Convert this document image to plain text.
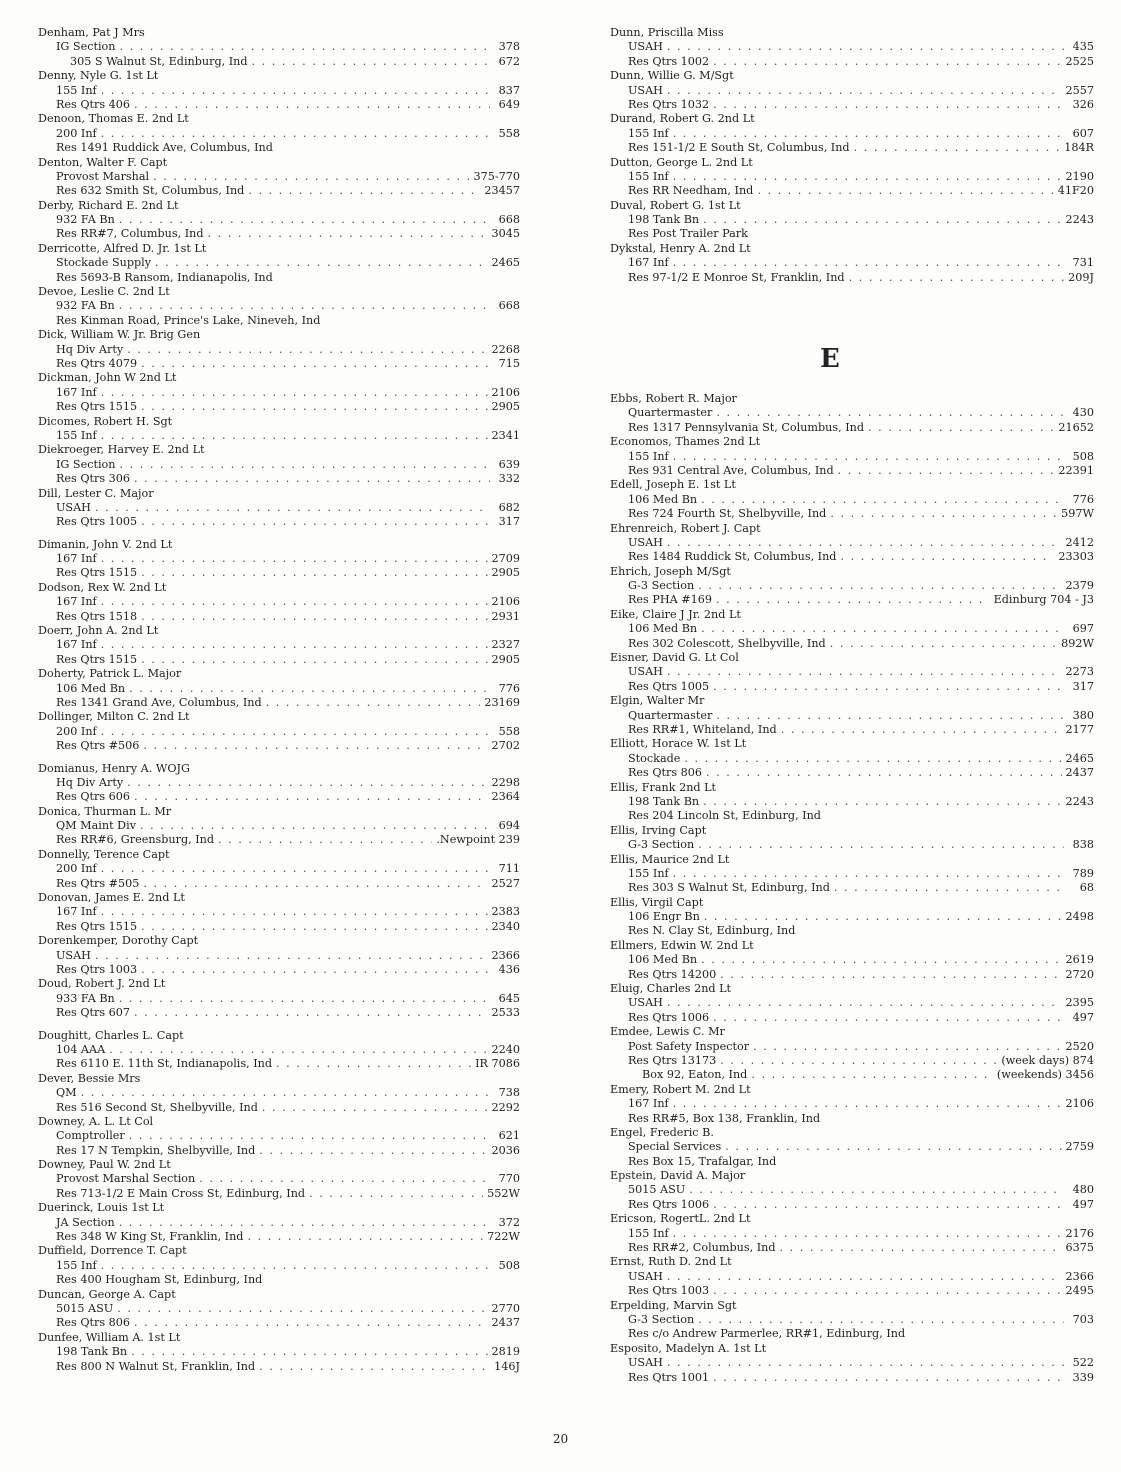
Denham, Pat J Mrs
IG Section . . .	378
305 S Walnut St, Edinburg, Ind . . .	672
Denny, Nyle G. 1st Lt
155 Inf . . .	837
Res Qtrs 406 . . .	649
Denoon, Thomas E. 2nd Lt
200 Inf . . .	558
Res 1491 Ruddick Ave, Columbus, Ind
Denton, Walter F. Capt
Provost Marshal . . .	375-770
Res 632 Smith St, Columbus, Ind . . .	23457
Derby, Richard E. 2nd Lt
932 FA Bn . . .	668
Res RR#7, Columbus, Ind . . .	3045
Derricotte, Alfred D. Jr. 1st Lt
Stockade Supply . . .	2465
Res 5693-B Ransom, Indianapolis, Ind
Devoe, Leslie C. 2nd Lt
932 FA Bn . . .	668
Res Kinman Road, Prince's Lake, Nineveh, Ind
Dick, William W. Jr. Brig Gen
Hq Div Arty . . .	2268
Res Qtrs 4079 . . .	715
Dickman, John W 2nd Lt
167 Inf . . .	2106
Res Qtrs 1515 . . .	2905
Dicomes, Robert H. Sgt
155 Inf . . .	2341
Diekroeger, Harvey E. 2nd Lt
IG Section . . .	639
Res Qtrs 306 . . .	332
Dill, Lester C. Major
USAH . . .	682
Res Qtrs 1005 . . .	317
Dimanin, John V. 2nd Lt
167 Inf . . .	2709
Res Qtrs 1515 . . .	2905
Dodson, Rex W. 2nd Lt
167 Inf . . .	2106
Res Qtrs 1518 . . .	2931
Doerr, John A. 2nd Lt
167 Inf . . .	2327
Res Qtrs 1515 . . .	2905
Doherty, Patrick L. Major
106 Med Bn . . .	776
Res 1341 Grand Ave, Columbus, Ind . . .	23169
Dollinger, Milton C. 2nd Lt
200 Inf . . .	558
Res Qtrs #506 . . .	2702
Domianus, Henry A. WOJG
Hq Div Arty . . .	2298
Res Qtrs 606 . . .	2364
Donica, Thurman L. Mr
QM Maint Div . . .	694
Res RR#6, Greensburg, Ind . . .	.Newpoint 239
Donnelly, Terence Capt
200 Inf . . .	711
Res Qtrs #505 . . .	2527
Donovan, James E. 2nd Lt
167 Inf . . .	2383
Res Qtrs 1515 . . .	2340
Dorenkemper, Dorothy Capt
USAH . . .	2366
Res Qtrs 1003 . . .	436
Doud, Robert J. 2nd Lt
933 FA Bn . . .	645
Res Qtrs 607 . . .	2533
Doughitt, Charles L. Capt
104 AAA . . .	2240
Res 6110 E. 11th St, Indianapolis, Ind . . .	IR 7086
Dever, Bessie Mrs
QM . . .	738
Res 516 Second St, Shelbyville, Ind . . .	2292
Downey, A. L. Lt Col
Comptroller . . .	621
Res 17 N Tempkin, Shelbyville, Ind . . .	2036
Downey, Paul W. 2nd Lt
Provost Marshal Section . . .	770
Res 713-1/2 E Main Cross St, Edinburg, Ind . . .	552W
Duerinck, Louis 1st Lt
JA Section . . .	372
Res 348 W King St, Franklin, Ind . . .	722W
Duffield, Dorrence T. Capt
155 Inf . . .	508
Res 400 Hougham St, Edinburg, Ind
Duncan, George A. Capt
5015 ASU . . .	2770
Res Qtrs 806 . . .	2437
Dunfee, William A. 1st Lt
198 Tank Bn . . .	2819
Res 800 N Walnut St, Franklin, Ind . . .	146J
Dunn, Priscilla Miss
USAH . . .	435
Res Qtrs 1002 . . .	2525
Dunn, Willie G. M/Sgt
USAH . . .	2557
Res Qtrs 1032 . . .	326
Durand, Robert G. 2nd Lt
155 Inf . . .	607
Res 151-1/2 E South St, Columbus, Ind . . .	184R
Dutton, George L. 2nd Lt
155 Inf . . .	2190
Res RR Needham, Ind . . .	41F20
Duval, Robert G. 1st Lt
198 Tank Bn . . .	2243
Res Post Trailer Park
Dykstal, Henry A. 2nd Lt
167 Inf . . .	731
Res 97-1/2 E Monroe St, Franklin, Ind . . .	209J
E
Ebbs, Robert R. Major
Quartermaster . . .	430
Res 1317 Pennsylvania St, Columbus, Ind . . .	21652
Economos, Thames 2nd Lt
155 Inf . . .	508
Res 931 Central Ave, Columbus, Ind . . .	22391
Edell, Joseph E. 1st Lt
106 Med Bn . . .	776
Res 724 Fourth St, Shelbyville, Ind . . .	597W
Ehrenreich, Robert J. Capt
USAH . . .	2412
Res 1484 Ruddick St, Columbus, Ind . . .	23303
Ehrich, Joseph M/Sgt
G-3 Section . . .	2379
Res PHA #169 . . .	Edinburg 704 - J3
Eike, Claire J Jr. 2nd Lt
106 Med Bn . . .	697
Res 302 Colescott, Shelbyville, Ind . . .	892W
Eisner, David G. Lt Col
USAH . . .	2273
Res Qtrs 1005 . . .	317
Elgin, Walter Mr
Quartermaster . . .	380
Res RR#1, Whiteland, Ind . . .	2177
Elliott, Horace W. 1st Lt
Stockade . . .	2465
Res Qtrs 806 . . .	2437
Ellis, Frank 2nd Lt
198 Tank Bn . . .	2243
Res 204 Lincoln St, Edinburg, Ind
Ellis, Irving Capt
G-3 Section . . .	838
Ellis, Maurice 2nd Lt
155 Inf . . .	789
Res 303 S Walnut St, Edinburg, Ind . . .	68
Ellis, Virgil Capt
106 Engr Bn . . .	2498
Res N. Clay St, Edinburg, Ind
Ellmers, Edwin W. 2nd Lt
106 Med Bn . . .	2619
Res Qtrs 14200 . . .	2720
Eluig, Charles 2nd Lt
USAH . . .	2395
Res Qtrs 1006 . . .	497
Emdee, Lewis C. Mr
Post Safety Inspector . . .	2520
Res Qtrs 13173 . . .	(week days) 874
Box 92, Eaton, Ind . . .	(weekends) 3456
Emery, Robert M. 2nd Lt
167 Inf . . .	2106
Res RR#5, Box 138, Franklin, Ind
Engel, Frederic B.
Special Services . . .	2759
Res Box 15, Trafalgar, Ind
Epstein, David A. Major
5015 ASU . . .	480
Res Qtrs 1006 . . .	497
Ericson, RogertL. 2nd Lt
155 Inf . . .	2176
Res RR#2, Columbus, Ind . . .	6375
Ernst, Ruth D. 2nd Lt
USAH . . .	2366
Res Qtrs 1003 . . .	2495
Erpelding, Marvin Sgt
G-3 Section . . .	703
Res c/o Andrew Parmerlee, RR#1, Edinburg, Ind
Esposito, Madelyn A. 1st Lt
USAH . . .	522
Res Qtrs 1001 . . .	339
20
